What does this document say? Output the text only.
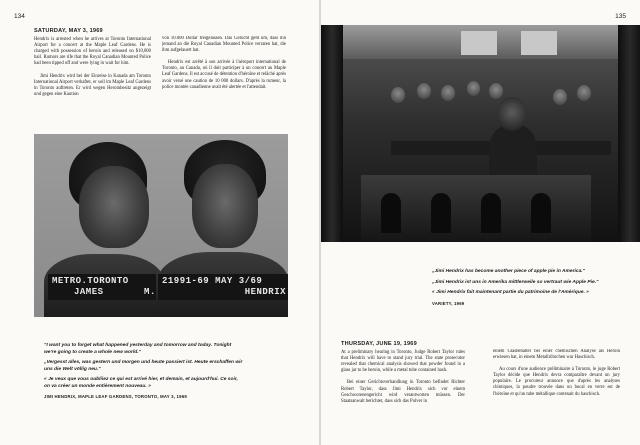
134
SATURDAY, MAY 3, 1969

Hendrix is arrested when he arrives at Toronto International Airport for a concert at the Maple Leaf Gardens. He is charged with possession of heroin and released on $10,000 bail. Rumors are rife that the Royal Canadian Mounted Police had been tipped off and were lying in wait for him.

Jimi Hendrix wird bei der Einreise in Kanada am Toronto International Airport verhaftet, er soll im Maple Leaf Gardens in Toronto auftreten. Er wird wegen Heroinbesitz angezeigt und gegen eine Kaution

von 10.000 Dollar freigelassen. Das Gerücht geht um, dass ihn jemand an die Royal Canadian Mounted Police verraten hat, die ihm aufgelauert hat.

Hendrix est arrêté à son arrivée à l'aéroport international de Toronto, au Canada, où il doit participer à un concert au Maple Leaf Gardens. Il est accusé de détention d'héroïne et relâché après avoir versé une caution de 10 000 dollars. D'après la rumeur, la police montée canadienne avait été alertée et l'attendait.

METRO.TORONTO
JAMES
21991-69 MAY 3/69
M.	HENDRIX

"I want you to forget what happened yesterday and tomorrow and today. Tonight we're going to create a whole new world."

„Vergesst alles, was gestern und morgen und heute passiert ist. Heute erschaffen wir uns die Welt völlig neu."

« Je veux que vous oubliiez ce qui est arrivé hier, et demain, et aujourd'hui. Ce soir, on va créer un monde entièrement nouveau. »

JIMI HENDRIX, MAPLE LEAF GARDENS, TORONTO, MAY 3, 1969
135

„Jimi Hendrix has become another piece of apple pie in America."

„Jimi Hendrix ist uns in Amerika mittlerweile so vertraut wie Apple Pie."

« Jimi Hendrix fait maintenant partie du patrimoine de l'Amérique. »

VARIETY, 1969
THURSDAY, JUNE 19, 1969

At a preliminary hearing in Toronto, Judge Robert Taylor rules that Hendrix will have to stand jury trial. The state prosecutor revealed that chemical analysis showed that powder found in a glass jar to be heroin, while a metal tube contained hash.

Bei einer Gerichtsverhandlung in Toronto befindet Richter Robert Taylor, dass Jimi Hendrix sich vor einem Geschworenengericht wird verantworten müssen. Der Staatsanwalt berichtet, dass sich das Pulver in

einem Glasbehälter bei einer chemischen Analyse als Heroin erwiesen hat, in einem Metallröhrchen war Haschisch.

Au cours d'une audience préliminaire à Toronto, le juge Robert Taylor décide que Hendrix devra comparaître devant un jury populaire. Le procureur annonce que d'après les analyses chimiques, la poudre trouvée dans un bocal en verre est de l'héroïne et qu'un tube métallique contenait du haschisch.
